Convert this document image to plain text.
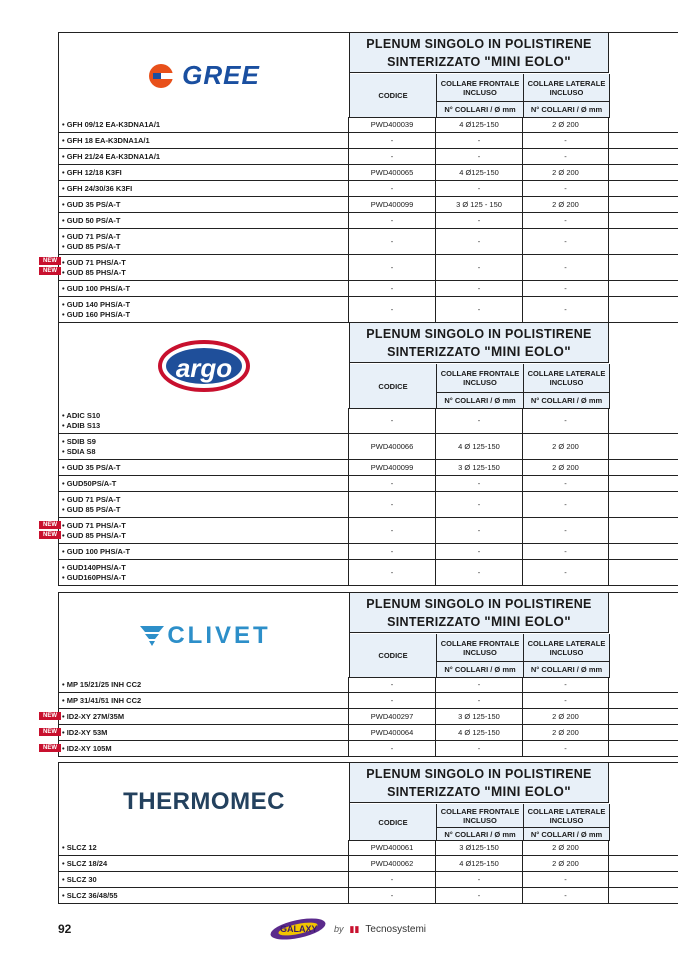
GREE
PLENUM SINGOLO IN POLISTIRENE
SINTERIZZATO "MINI EOLO"
CODICE
COLLARE FRONTALE INCLUSO
COLLARE LATERALE INCLUSO
N° COLLARI / Ø mm	N° COLLARI / Ø mm
• GFH 09/12 EA-K3DNA1A/1	PWD400039	4 Ø125-150	2 Ø 200
• GFH 18 EA-K3DNA1A/1	-	-	-
• GFH 21/24 EA-K3DNA1A/1	-	-	-
• GFH 12/18 K3FI	PWD400065	4 Ø125-150	2 Ø 200
• GFH 24/30/36 K3FI	-	-	-
• GUD 35 PS/A-T	PWD400099	3 Ø 125 - 150	2 Ø 200
• GUD 50 PS/A-T	-	-	-
• GUD 71 PS/A-T
• GUD 85 PS/A-T	-	-	-
• GUD 71 PHS/A-T
• GUD 85 PHS/A-T	-	-	-
NEW
NEW
• GUD 100 PHS/A-T	-	-	-
• GUD 140 PHS/A-T
• GUD 160 PHS/A-T	-	-	-
argo
PLENUM SINGOLO IN POLISTIRENE
SINTERIZZATO "MINI EOLO"
CODICE
COLLARE FRONTALE INCLUSO
COLLARE LATERALE INCLUSO
N° COLLARI / Ø mm	N° COLLARI / Ø mm
• ADIC S10
• ADIB S13	-	-	-
• SDIB S9
• SDIA S8	PWD400066	4 Ø 125-150	2 Ø 200
• GUD 35 PS/A-T	PWD400099	3 Ø 125-150	2 Ø 200
• GUD50PS/A-T	-	-	-
• GUD 71 PS/A-T
• GUD 85 PS/A-T	-	-	-
• GUD 71 PHS/A-T
• GUD 85 PHS/A-T	-	-	-
NEW
NEW
• GUD 100 PHS/A-T	-	-	-
• GUD140PHS/A-T
• GUD160PHS/A-T	-	-	-
CLIVET
PLENUM SINGOLO IN POLISTIRENE
SINTERIZZATO "MINI EOLO"
CODICE
COLLARE FRONTALE INCLUSO
COLLARE LATERALE INCLUSO
N° COLLARI / Ø mm	N° COLLARI / Ø mm
• MP 15/21/25 INH CC2	-	-	-
• MP 31/41/51 INH CC2	-	-	-
• ID2-XY 27M/35M	PWD400297	3 Ø 125-150	2 Ø 200
NEW
• ID2-XY 53M	PWD400064	4 Ø 125-150	2 Ø 200
NEW
• ID2-XY 105M	-	-	-
NEW
THERMOMEC
PLENUM SINGOLO IN POLISTIRENE
SINTERIZZATO "MINI EOLO"
CODICE
COLLARE FRONTALE INCLUSO
COLLARE LATERALE INCLUSO
N° COLLARI / Ø mm	N° COLLARI / Ø mm
• SLCZ 12	PWD400061	3 Ø125-150	2 Ø 200
• SLCZ 18/24	PWD400062	4 Ø125-150	2 Ø 200
• SLCZ 30	-	-	-
• SLCZ 36/48/55	-	-	-
92	GALAXY by ▮▮ Tecnosystemi
